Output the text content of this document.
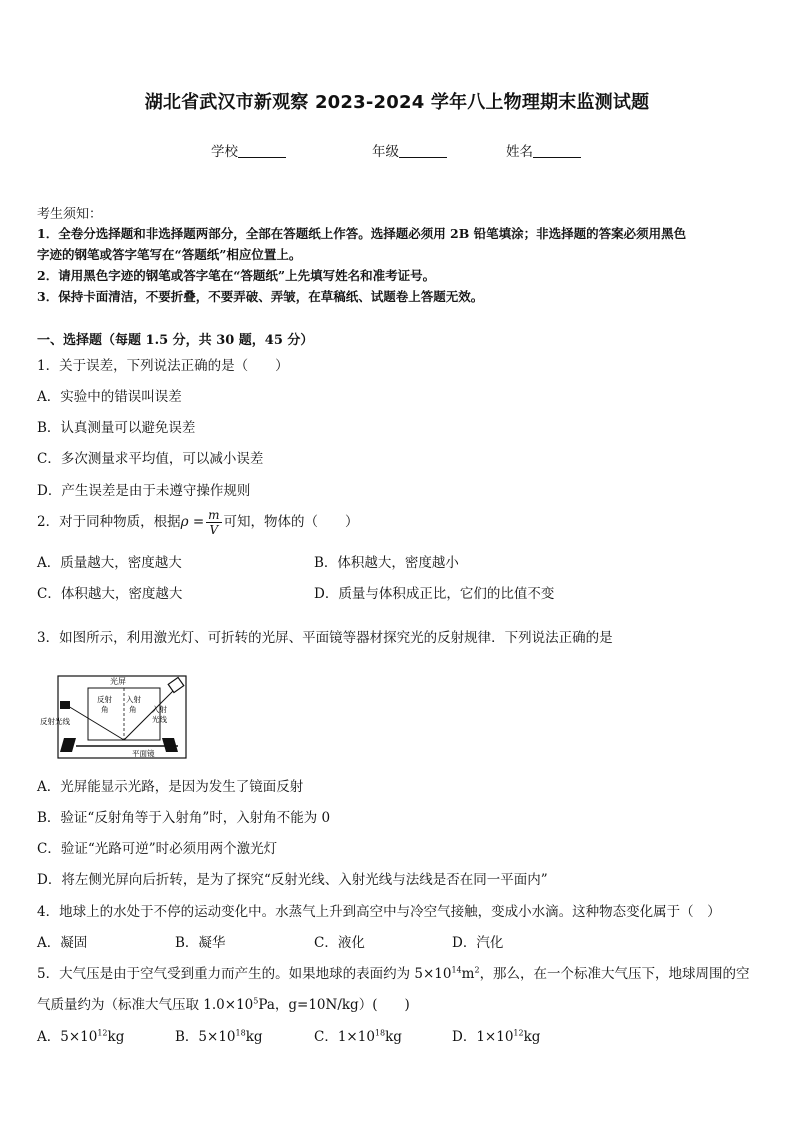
湖北省武汉市新观察 2023-2024 学年八上物理期末监测试题
学校	年级	姓名
考生须知：
1．全卷分选择题和非选择题两部分，全部在答题纸上作答。选择题必须用 2B 铅笔填涂；非选择题的答案必须用黑色
字迹的钢笔或答字笔写在“答题纸”相应位置上。
2．请用黑色字迹的钢笔或答字笔在“答题纸”上先填写姓名和准考证号。
3．保持卡面清洁，不要折叠，不要弄破、弄皱，在草稿纸、试题卷上答题无效。
一、选择题（每题 1.5 分，共 30 题，45 分）
1．关于误差，下列说法正确的是（　　）
A．实验中的错误叫误差
B．认真测量可以避免误差
C．多次测量求平均值，可以减小误差
D．产生误差是由于未遵守操作规则
2．对于同种物质，根据$\rho = \frac{m}{V}$ 可知，物体的（　　）
A．质量越大，密度越大	B．体积越大，密度越小
C．体积越大，密度越大	D．质量与体积成正比，它们的比值不变
3．如图所示，利用激光灯、可折转的光屏、平面镜等器材探究光的反射规律．下列说法正确的是
光屏
反射
角
入射
角
反射光线
入射
光线
平面镜
A．光屏能显示光路，是因为发生了镜面反射
B．验证“反射角等于入射角”时，入射角不能为 0
C．验证“光路可逆”时必须用两个激光灯
D．将左侧光屏向后折转，是为了探究“反射光线、入射光线与法线是否在同一平面内”
4．地球上的水处于不停的运动变化中。水蒸气上升到高空中与冷空气接触，变成小水滴。这种物态变化属于（　）
A．凝固	B．凝华	C．液化	D．汽化
5．大气压是由于空气受到重力而产生的。如果地球的表面约为 $5\times 10^{14}m^2$，那么，在一个标准大气压下，地球周围的空
气质量约为（标准大气压取 $1.0\times 10^5Pa$，g=10N/kg）(　　)
A．$5\times 10^{12}kg$	B．$5\times 10^{18}kg$	C．$1\times 10^{18}kg$	D．$1\times 10^{12}kg$
